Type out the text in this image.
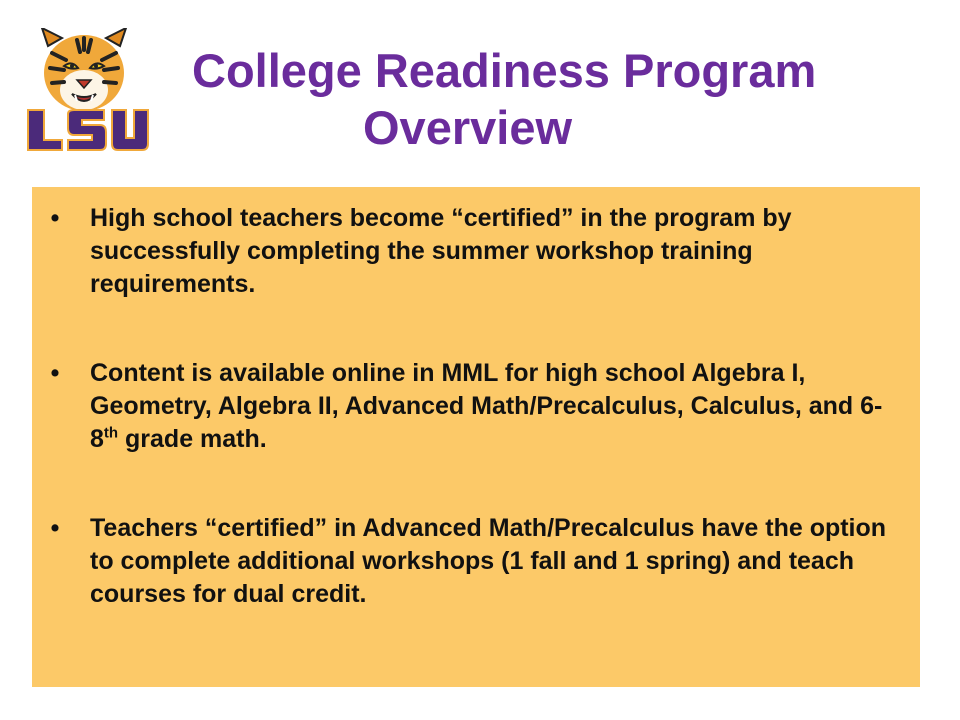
College Readiness Program
Overview
• High school teachers become “certified” in the program by successfully completing the summer workshop training requirements.
• Content is available online in MML for high school Algebra I, Geometry, Algebra II, Advanced Math/Precalculus, Calculus, and 6-8th grade math.
• Teachers “certified” in Advanced Math/Precalculus have the option to complete additional workshops (1 fall and 1 spring) and teach courses for dual credit.
